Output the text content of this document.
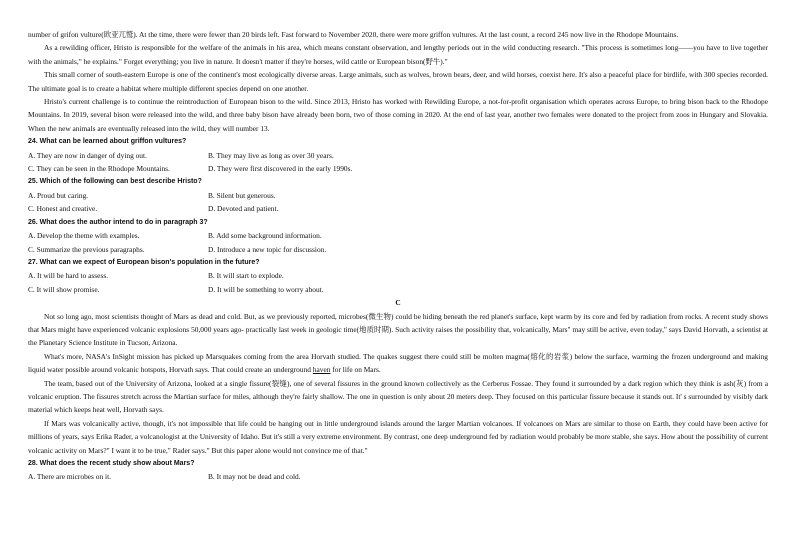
number of grifon vulture(欧亚兀鹫). At the time, there were fewer than 20 birds left. Fast forward to November 2020, there were more griffon vultures. At the last count, a record 245 now live in the Rhodope Mountains.

As a rewilding officer, Hristo is responsible for the welfare of the animals in his area, which means constant observation, and lengthy periods out in the wild conducting research. "This process is sometimes long——you have to live together with the animals," he explains." Forget everything; you live in nature. It doesn't matter if they're horses, wild cattle or European bison(野牛)."

This small corner of south-eastern Europe is one of the continent's most ecologically diverse areas. Large animals, such as wolves, brown bears, deer, and wild horses, coexist here. It's also a peaceful place for birdlife, with 300 species recorded. The ultimate goal is to create a habitat where multiple different species depend on one another.

Hristo's current challenge is to continue the reintroduction of European bison to the wild. Since 2013, Hristo has worked with Rewilding Europe, a not-for-profit organisation which operates across Europe, to bring bison back to the Rhodope Mountains. In 2019, several bison were released into the wild, and three baby bison have already been born, two of those coming in 2020. At the end of last year, another two females were donated to the project from zoos in Hungary and Slovakia. When the new animals are eventually released into the wild, they will number 13.

24. What can be learned about griffon vultures?

A. They are now in danger of dying out.	B. They may live as long as over 30 years.
C. They can be seen in the Rhodope Mountains.	D. They were first discovered in the early 1990s.

25. Which of the following can best describe Hristo?

A. Proud but caring.	B. Silent but generous.
C. Honest and creative.	D. Devoted and patient.

26. What does the author intend to do in paragraph 3?

A. Develop the theme with examples.	B. Add some background information.
C. Summarize the previous paragraphs.	D. Introduce a new topic for discussion.

27. What can we expect of European bison's population in the future?

A. It will be hard to assess.	B. It will start to explode.
C. It will show promise.	D. It will be something to worry about.

C

Not so long ago, most scientists thought of Mars as dead and cold. But, as we previously reported, microbes(微生物) could be hiding beneath the red planet's surface, kept warm by its core and fed by radiation from rocks. A recent study shows that Mars might have experienced volcanic explosions 50,000 years ago- practically last week in geologic time(地质时期). Such activity raises the possibility that, volcanically, Mars" may still be active, even today," says David Horvath, a scientist at the Planetary Science Institute in Tucson, Arizona.

What's more, NASA's InSight mission has picked up Marsquakes coming from the area Horvath studied. The quakes suggest there could still be molten magma(熔化的岩浆) below the surface, warming the frozen underground and making liquid water possible around volcanic hotspots, Horvath says. That could create an underground haven for life on Mars.

The team, based out of the University of Arizona, looked at a single fissure(裂缝), one of several fissures in the ground known collectively as the Cerberus Fossae. They found it surrounded by a dark region which they think is ash(灰) from a volcanic eruption. The fissures stretch across the Martian surface for miles, although they're fairly shallow. The one in question is only about 20 meters deep. They focused on this particular fissure because it stands out. It' s surrounded by visibly dark material which keeps heat well, Horvath says.

If Mars was volcanically active, though, it's not impossible that life could be hanging out in little underground islands around the larger Martian volcanoes. If volcanoes on Mars are similar to those on Earth, they could have been active for millions of years, says Erika Rader, a volcanologist at the University of Idaho. But it's still a very extreme environment. By contrast, one deep underground fed by radiation would probably be more stable, she says. How about the possibility of current volcanic activity on Mars?" I want it to be true," Rader says." But this paper alone would not convince me of that."

28. What does the recent study show about Mars?

A. There are microbes on it.	B. It may not be dead and cold.
